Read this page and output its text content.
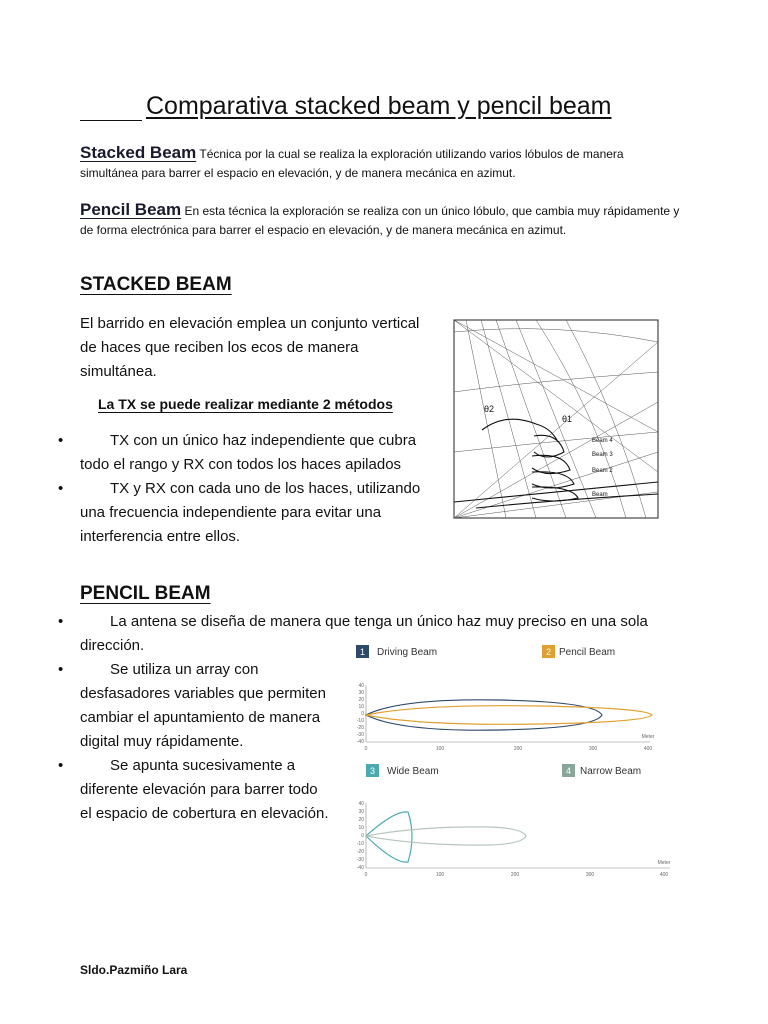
Comparativa stacked beam y pencil beam
Stacked Beam Técnica por la cual se realiza la exploración utilizando varios lóbulos de manera simultánea para barrer el espacio en elevación, y de manera mecánica en azimut.
Pencil Beam En esta técnica la exploración se realiza con un único lóbulo, que cambia muy rápidamente y de forma electrónica para barrer el espacio en elevación, y de manera mecánica en azimut.
STACKED BEAM
El barrido en elevación emplea un conjunto vertical de haces que reciben los ecos de manera simultánea.
La TX se puede realizar mediante 2 métodos
•	TX con un único haz independiente que cubra todo el rango y RX con todos los haces apilados
•	TX y RX con cada uno de los haces, utilizando una frecuencia independiente para evitar una interferencia entre ellos.
θ2
θ1
Beam 4
Beam 3
Beam 2
Beam
PENCIL BEAM
•	La antena se diseña de manera que tenga un único haz muy preciso en una sola dirección.
•	Se utiliza un array con desfasadores variables que permiten cambiar el apuntamiento de manera digital muy rápidamente.
•	Se apunta sucesivamente a diferente elevación para barrer todo el espacio de cobertura en elevación.
1 Driving Beam	2 Pencil Beam
40
30
20
10
0
-10
-20
-30
-40
0	100	200	300	400
Meter
3 Wide Beam	4 Narrow Beam
40
30
20
10
0
-10
-20
-30
-40
0	100	200	300	400
Meter
Sldo.Pazmiño Lara
